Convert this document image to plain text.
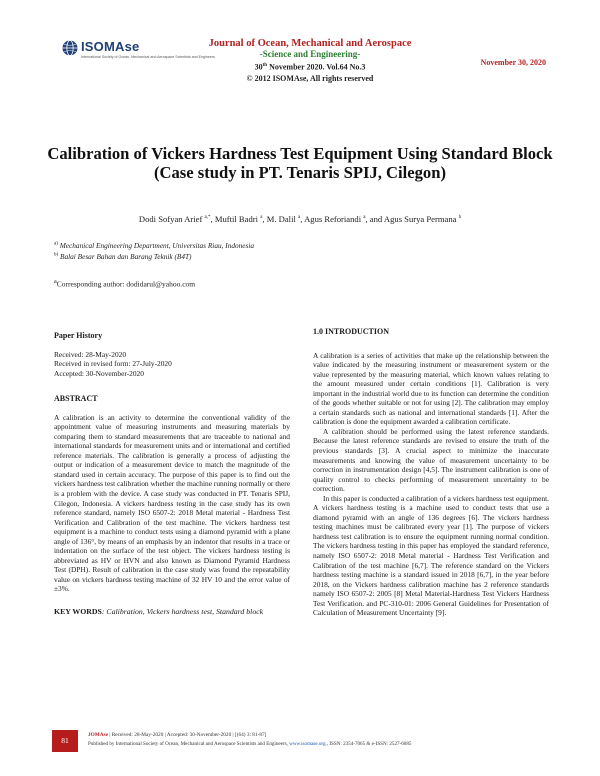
ISOMAse
International Society of Ocean, Mechanical and Aerospace Scientists and Engineers
Journal of Ocean, Mechanical and Aerospace
-Science and Engineering-
30th November 2020. Vol.64 No.3
© 2012 ISOMAse, All rights reserved
November 30, 2020
Calibration of Vickers Hardness Test Equipment Using Standard Block (Case study in PT. Tenaris SPIJ, Cilegon)
Dodi Sofyan Arief $^{a,*}$, Muftil Badri $^a$, M. Dalil $^a$, Agus Reforiandi $^a$, and Agus Surya Permana $^b$
$^{a)}$ Mechanical Engineering Department, Universitas Riau, Indonesia
$^{b)}$ Balai Besar Bahan dan Barang Teknik (B4T)
$^a$Corresponding author: dodidarul@yahoo.com
Paper History
Received: 28-May-2020
Received in revised form: 27-July-2020
Accepted: 30-November-2020
ABSTRACT
A calibration is an activity to determine the conventional validity of the appointment value of measuring instruments and measuring materials by comparing them to standard measurements that are traceable to national and international standards for measurement units and or international and certified reference materials. The calibration is generally a process of adjusting the output or indication of a measurement device to match the magnitude of the standard used in certain accuracy. The purpose of this paper is to find out the vickers hardness test calibration whether the machine running normally or there is a problem with the device. A case study was conducted in PT. Tenaris SPIJ, Cilegon, Indonesia. A vickers hardness testing in the case study has its own reference standard, namely ISO 6507-2: 2018 Metal material - Hardness Test Verification and Calibration of the test machine. The vickers hardness test equipment is a machine to conduct tests using a diamond pyramid with a plane angle of 136°, by means of an emphasis by an indentor that results in a trace or indentation on the surface of the test object. The vickers hardness testing is abbreviated as HV or HVN and also known as Diamond Pyramid Hardness Test (DPH). Result of calibration in the case study was found the repeatability value on vickers hardness testing machine of 32 HV 10 and the error value of ±3%.
KEY WORDS: Calibration, Vickers hardness test, Standard block
1.0 INTRODUCTION
A calibration is a series of activities that make up the relationship between the value indicated by the measuring instrument or measurement system or the value represented by the measuring material, which known values relating to the amount measured under certain conditions [1]. Calibration is very important in the industrial world due to its function can determine the condition of the goods whether suitable or not for using [2]. The calibration may employ a certain standards such as national and international standards [1]. After the calibration is done the equipment awarded a calibration certificate.
A calibration should be performed using the latest reference standards. Because the latest reference standards are revised to ensure the truth of the previous standards [3]. A crucial aspect to minimize the inaccurate measurements and knowing the value of measurement uncertainty to be correction in instrumentation design [4,5]. The instrument calibration is one of quality control to checks performing of measurement uncertainty to be correction.
In this paper is conducted a calibration of a vickers hardness test equipment. A vickers hardness testing is a machine used to conduct tests that use a diamond pyramid with an angle of 136 degrees [6]. The vickers hardness testing machines must be calibrated every year [1]. The purpose of vickers hardness test calibration is to ensure the equipment running normal condition. The vickers hardness testing in this paper has employed the standard reference, namely ISO 6507-2: 2018 Metal material - Hardness Test Verification and Calibration of the test machine [6,7]. The reference standard on the Vickers hardness testing machine is a standard issued in 2018 [6,7], in the year before 2018, on the Vickers hardness calibration machine has 2 reference standards namely ISO 6507-2: 2005 [8] Metal Material-Hardness Test Vickers Hardness Test Verification. and PC-310-01: 2006 General Guidelines for Presentation of Calculation of Measurement Uncertainty [9].
81
JOMAse | Received: 28-May-2020 | Accepted: 30-November-2020 | [(64) 3: 81-87]
Published by International Society of Ocean, Mechanical and Aerospace Scientists and Engineers, www.isomase.org., ISSN: 2354-7065 & e-ISSN: 2527-6085
